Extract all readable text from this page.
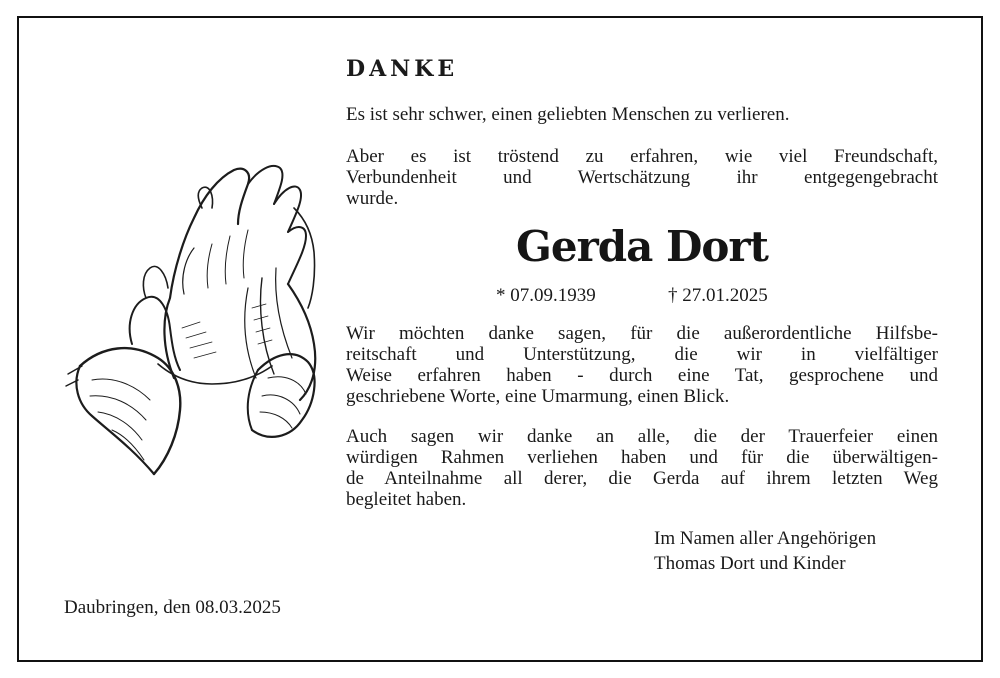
DANKE
Es ist sehr schwer, einen geliebten Menschen zu verlieren.
Aber es ist tröstend zu erfahren, wie viel Freundschaft,
Verbundenheit und Wertschätzung ihr entgegengebracht
wurde.
Gerda Dort
* 07.09.1939	† 27.01.2025
Wir möchten danke sagen, für die außerordentliche Hilfsbe-
reitschaft und Unterstützung, die wir in vielfältiger
Weise erfahren haben - durch eine Tat, gesprochene und
geschriebene Worte, eine Umarmung, einen Blick.
Auch sagen wir danke an alle, die der Trauerfeier einen
würdigen Rahmen verliehen haben und für die überwältigen-
de Anteilnahme all derer, die Gerda auf ihrem letzten Weg
begleitet haben.
Im Namen aller Angehörigen
Thomas Dort und Kinder
Daubringen, den 08.03.2025
